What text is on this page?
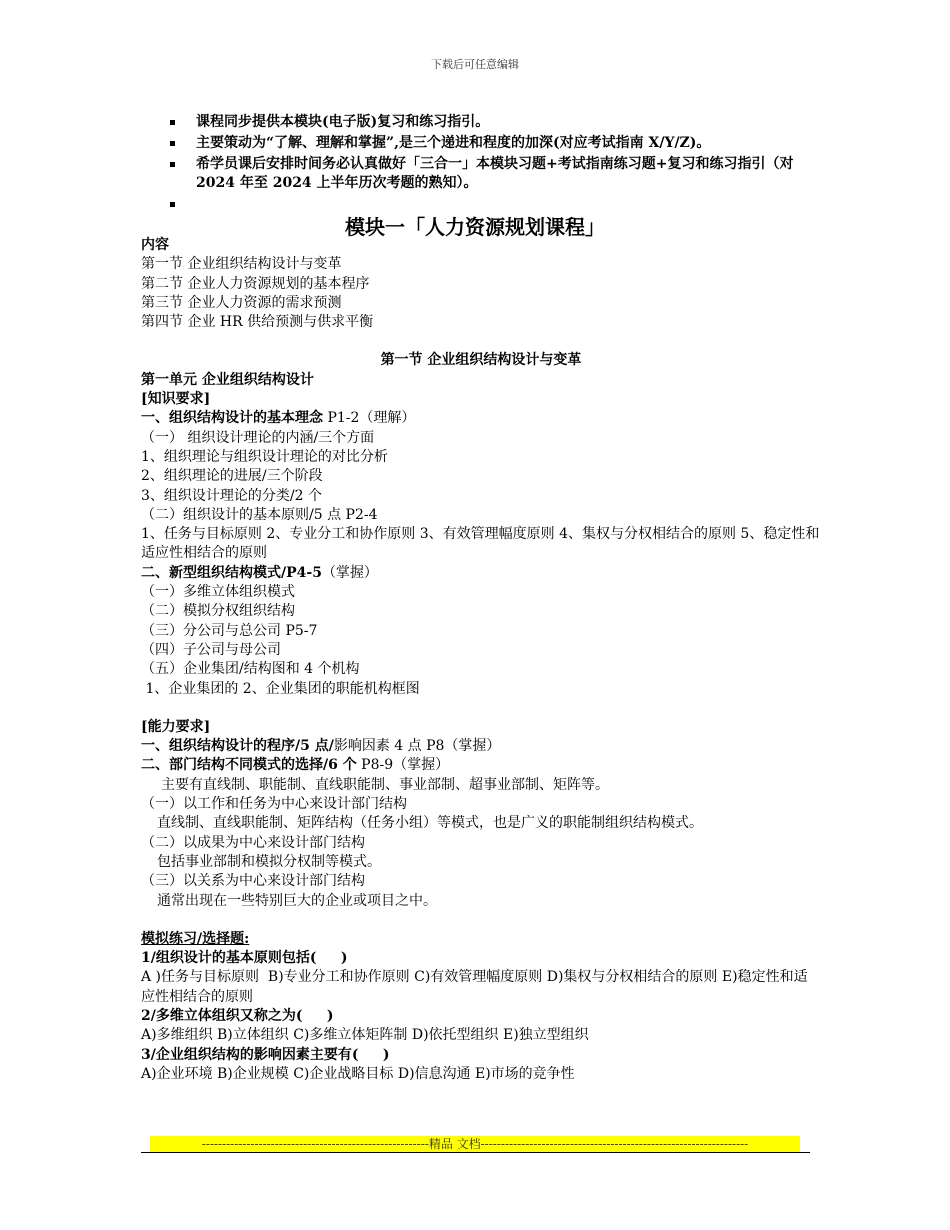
下载后可任意编辑
课程同步提供本模块(电子版)复习和练习指引。
主要策动为“了解、理解和掌握”,是三个递进和程度的加深(对应考试指南 X/Y/Z)。
希学员课后安排时间务必认真做好「三合一」本模块习题+考试指南练习题+复习和练习指引（对 2024 年至 2024 上半年历次考题的熟知）。
模块一「人力资源规划课程」
内容
第一节 企业组织结构设计与变革
第二节 企业人力资源规划的基本程序
第三节 企业人力资源的需求预测
第四节 企业 HR 供给预测与供求平衡
第一节 企业组织结构设计与变革
第一单元 企业组织结构设计
[知识要求]
一、组织结构设计的基本理念 P1-2（理解）
（一） 组织设计理论的内涵/三个方面
1、组织理论与组织设计理论的对比分析
2、组织理论的进展/三个阶段
3、组织设计理论的分类/2 个
（二）组织设计的基本原则/5 点 P2-4
1、任务与目标原则 2、专业分工和协作原则 3、有效管理幅度原则 4、集权与分权相结合的原则 5、稳定性和适应性相结合的原则
二、新型组织结构模式/P4-5（掌握）
（一）多维立体组织模式
（二）模拟分权组织结构
（三）分公司与总公司 P5-7
（四）子公司与母公司
（五）企业集团/结构图和 4 个机构
1、企业集团的 2、企业集团的职能机构框图
[能力要求]
一、组织结构设计的程序/5 点/影响因素 4 点 P8（掌握）
二、部门结构不同模式的选择/6 个 P8-9（掌握）
主要有直线制、职能制、直线职能制、事业部制、超事业部制、矩阵等。
（一）以工作和任务为中心来设计部门结构
直线制、直线职能制、矩阵结构（任务小组）等模式，也是广义的职能制组织结构模式。
（二）以成果为中心来设计部门结构
包括事业部制和模拟分权制等模式。
（三）以关系为中心来设计部门结构
通常出现在一些特别巨大的企业或项目之中。
模拟练习/选择题:
1/组织设计的基本原则包括(     )
A )任务与目标原则  B)专业分工和协作原则 C)有效管理幅度原则 D)集权与分权相结合的原则 E)稳定性和适应性相结合的原则
2/多维立体组织又称之为(     )
A)多维组织 B)立体组织 C)多维立体矩阵制 D)依托型组织 E)独立型组织
3/企业组织结构的影响因素主要有(     )
A)企业环境 B)企业规模 C)企业战略目标 D)信息沟通 E)市场的竞争性
--------------------------------------------------------精品 文档------------------------------------------------------------------
